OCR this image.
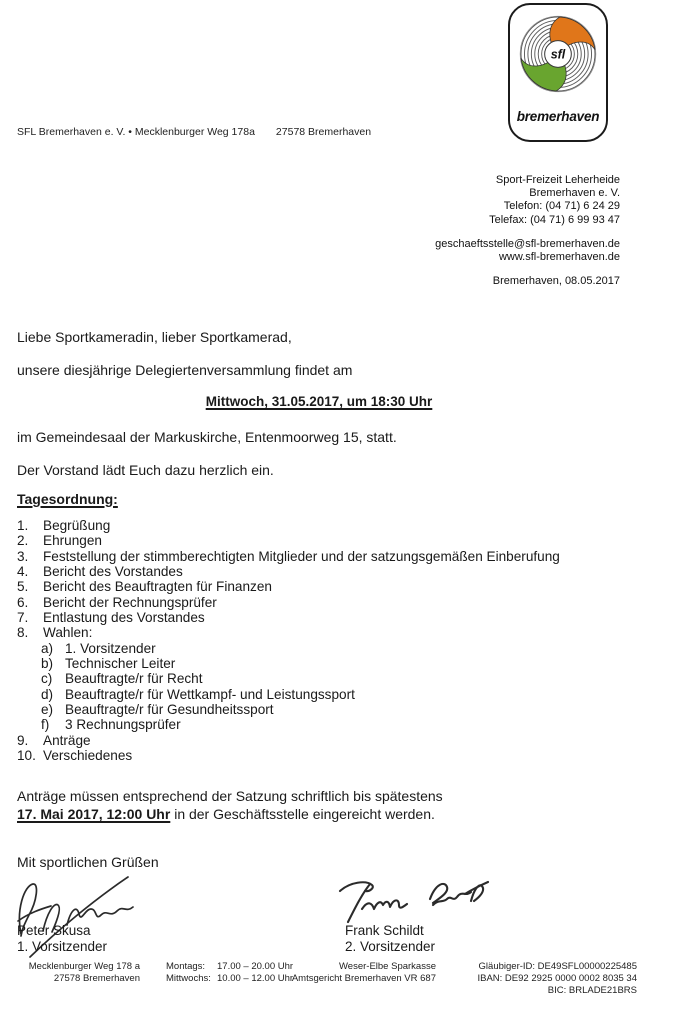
SFL Bremerhaven e. V. • Mecklenburger Weg 178a 27578 Bremerhaven
sfl
bremerhaven
Sport-Freizeit Leherheide
Bremerhaven e. V.
Telefon: (04 71) 6 24 29
Telefax: (04 71) 6 99 93 47
geschaeftsstelle@sfl-bremerhaven.de
www.sfl-bremerhaven.de
Bremerhaven, 08.05.2017
Liebe Sportkameradin, lieber Sportkamerad,
unsere diesjährige Delegiertenversammlung findet am
Mittwoch, 31.05.2017, um 18:30 Uhr
im Gemeindesaal der Markuskirche, Entenmoorweg 15, statt.
Der Vorstand lädt Euch dazu herzlich ein.
Tagesordnung:
1.	Begrüßung
2.	Ehrungen
3.	Feststellung der stimmberechtigten Mitglieder und der satzungsgemäßen Einberufung
4.	Bericht des Vorstandes
5.	Bericht des Beauftragten für Finanzen
6.	Bericht der Rechnungsprüfer
7.	Entlastung des Vorstandes
8.	Wahlen:
a) 1. Vorsitzender
b) Technischer Leiter
c) Beauftragte/r für Recht
d) Beauftragte/r für Wettkampf- und Leistungssport
e) Beauftragte/r für Gesundheitssport
f)	3 Rechnungsprüfer
9.	Anträge
10. Verschiedenes
Anträge müssen entsprechend der Satzung schriftlich bis spätestens
17. Mai 2017, 12:00 Uhr in der Geschäftsstelle eingereicht werden.
Mit sportlichen Grüßen
Peter Skusa
1. Vorsitzender
Frank Schildt
2. Vorsitzender
Mecklenburger Weg 178 a
27578 Bremerhaven
Montags:	17.00 – 20.00 Uhr
Mittwochs: 10.00 – 12.00 Uhr
Weser-Elbe Sparkasse
Amtsgericht Bremerhaven VR 687
Gläubiger-ID: DE49SFL00000225485
IBAN: DE92 2925 0000 0002 8035 34
BIC: BRLADE21BRS
